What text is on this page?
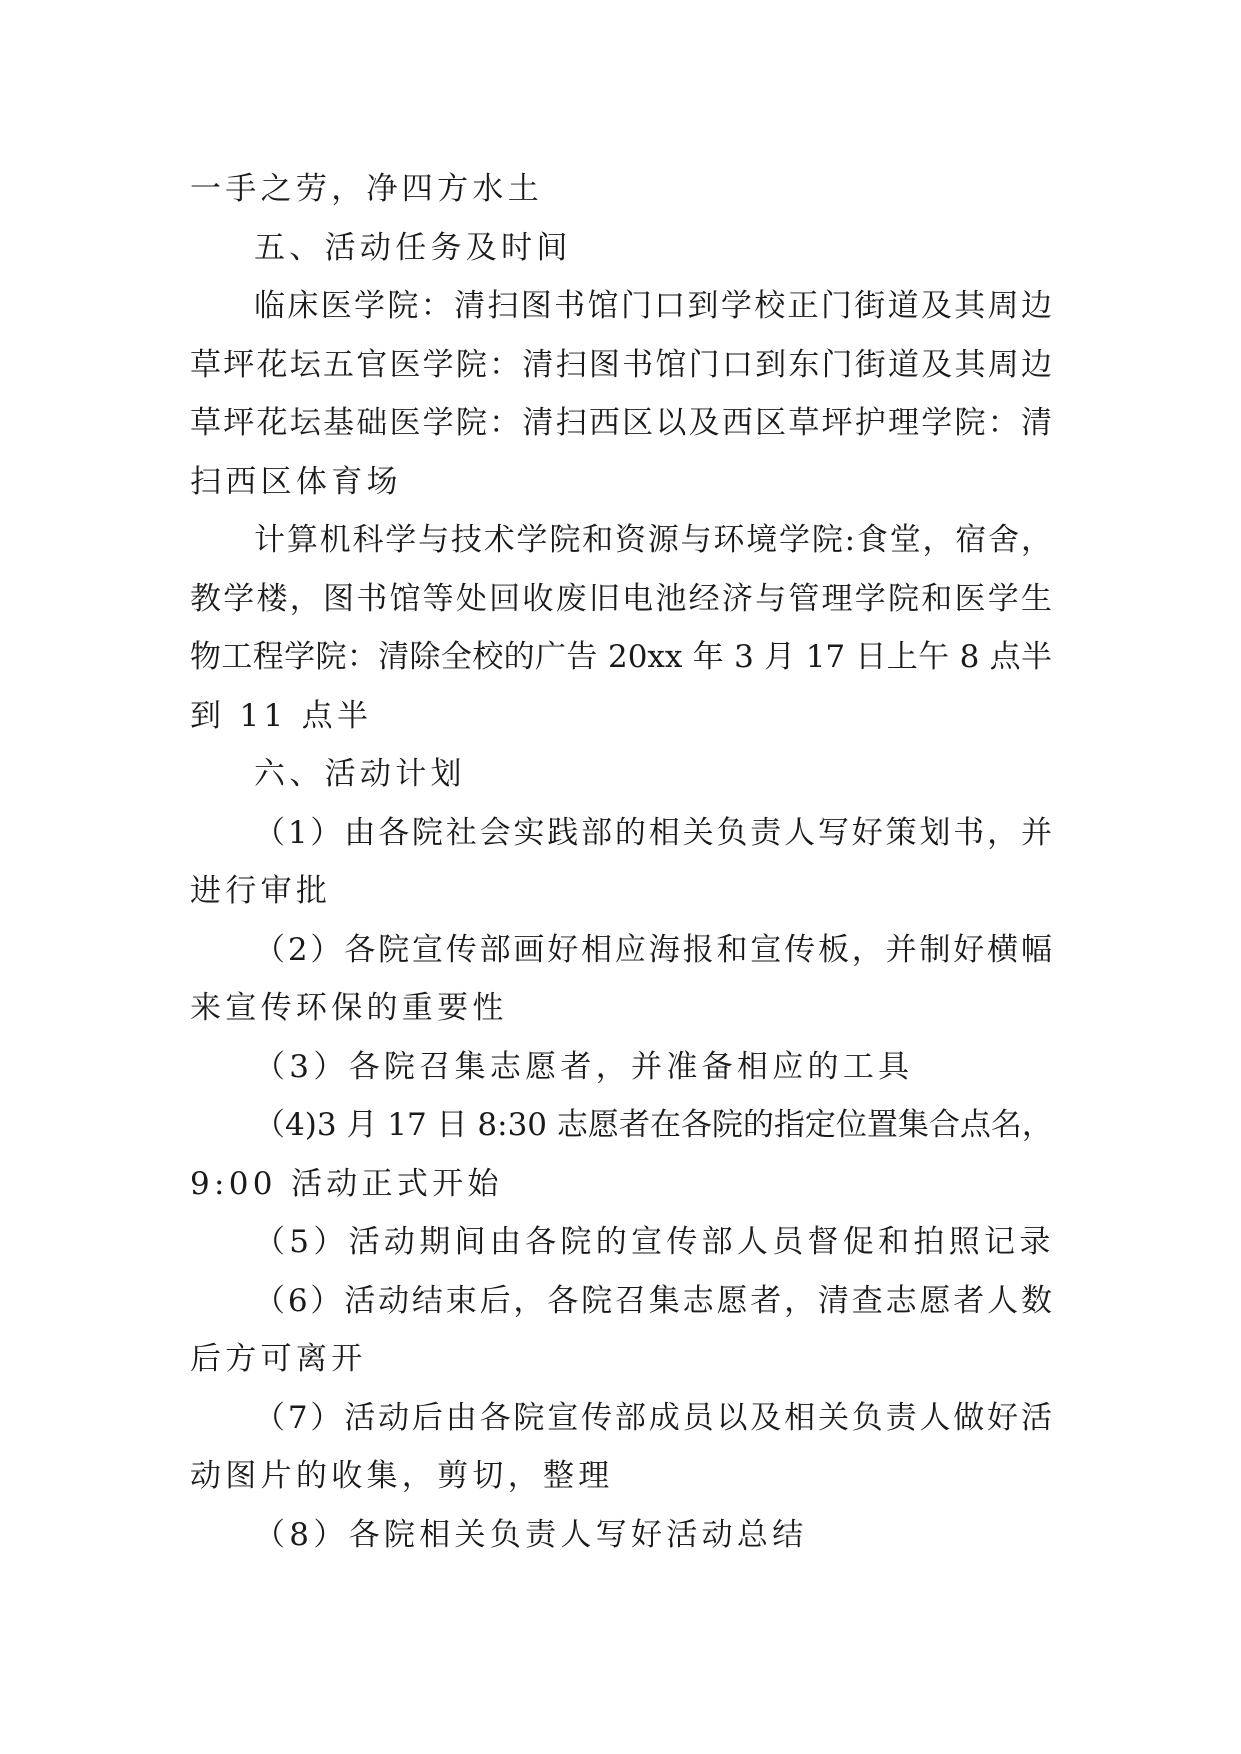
一手之劳，净四方水土
五、活动任务及时间
临床医学院：清扫图书馆门口到学校正门街道及其周边
草坪花坛五官医学院：清扫图书馆门口到东门街道及其周边
草坪花坛基础医学院：清扫西区以及西区草坪护理学院：清
扫西区体育场
计算机科学与技术学院和资源与环境学院:食堂，宿舍，
教学楼，图书馆等处回收废旧电池经济与管理学院和医学生
物工程学院：清除全校的广告 20xx 年 3 月 17 日上午 8 点半
到 11 点半
六、活动计划
（1）由各院社会实践部的相关负责人写好策划书，并
进行审批
（2）各院宣传部画好相应海报和宣传板，并制好横幅
来宣传环保的重要性
（3）各院召集志愿者，并准备相应的工具
（4)3 月 17 日 8:30 志愿者在各院的指定位置集合点名，
9:00 活动正式开始
（5）活动期间由各院的宣传部人员督促和拍照记录
（6）活动结束后，各院召集志愿者，清查志愿者人数
后方可离开
（7）活动后由各院宣传部成员以及相关负责人做好活
动图片的收集，剪切，整理
（8）各院相关负责人写好活动总结
